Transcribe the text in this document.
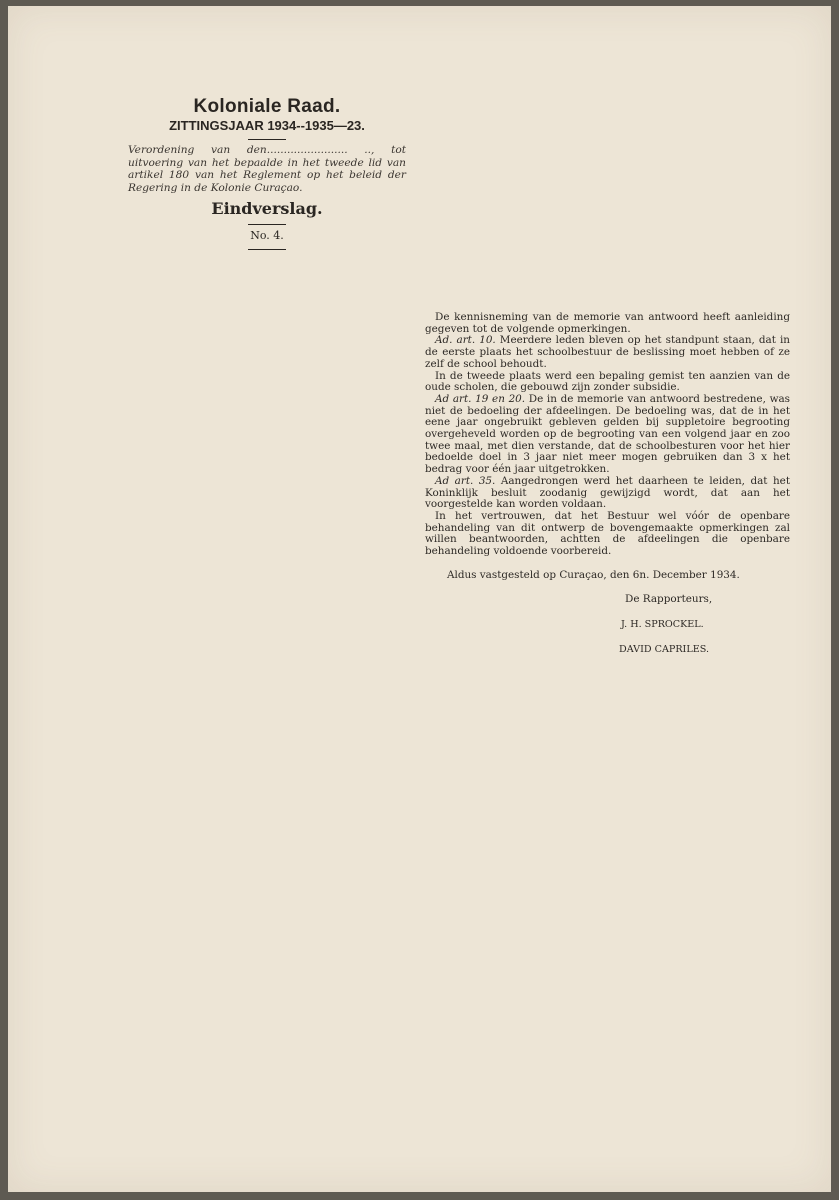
Koloniale Raad.

ZITTINGSJAAR 1934--1935—23.

Verordening van den........................ .., tot uitvoering van het bepaalde in het tweede lid van artikel 180 van het Reglement op het beleid der Regering in de Kolonie Curaçao.

Eindverslag.

No. 4.

De kennisneming van de memorie van antwoord heeft aanleiding gegeven tot de volgende opmerkingen.

Ad. art. 10. Meerdere leden bleven op het standpunt staan, dat in de eerste plaats het schoolbestuur de beslissing moet hebben of ze zelf de school behoudt.

In de tweede plaats werd een bepaling gemist ten aanzien van de oude scholen, die gebouwd zijn zonder subsidie.

Ad art. 19 en 20. De in de memorie van antwoord bestredene, was niet de bedoeling der afdeelingen. De bedoeling was, dat de in het eene jaar ongebruikt gebleven gelden bij suppletoire begrooting overgeheveld worden op de begrooting van een volgend jaar en zoo twee maal, met dien verstande, dat de schoolbesturen voor het hier bedoelde doel in 3 jaar niet meer mogen gebruiken dan 3 x het bedrag voor één jaar uitgetrokken.

Ad art. 35. Aangedrongen werd het daarheen te leiden, dat het Koninklijk besluit zoodanig gewijzigd wordt, dat aan het voorgestelde kan worden voldaan.

In het vertrouwen, dat het Bestuur wel vóór de openbare behandeling van dit ontwerp de bovengemaakte opmerkingen zal willen beantwoorden, achtten de afdeelingen die openbare behandeling voldoende voorbereid.

Aldus vastgesteld op Curaçao, den 6n. December 1934.

De Rapporteurs,

J. H. SPROCKEL.

DAVID CAPRILES.
